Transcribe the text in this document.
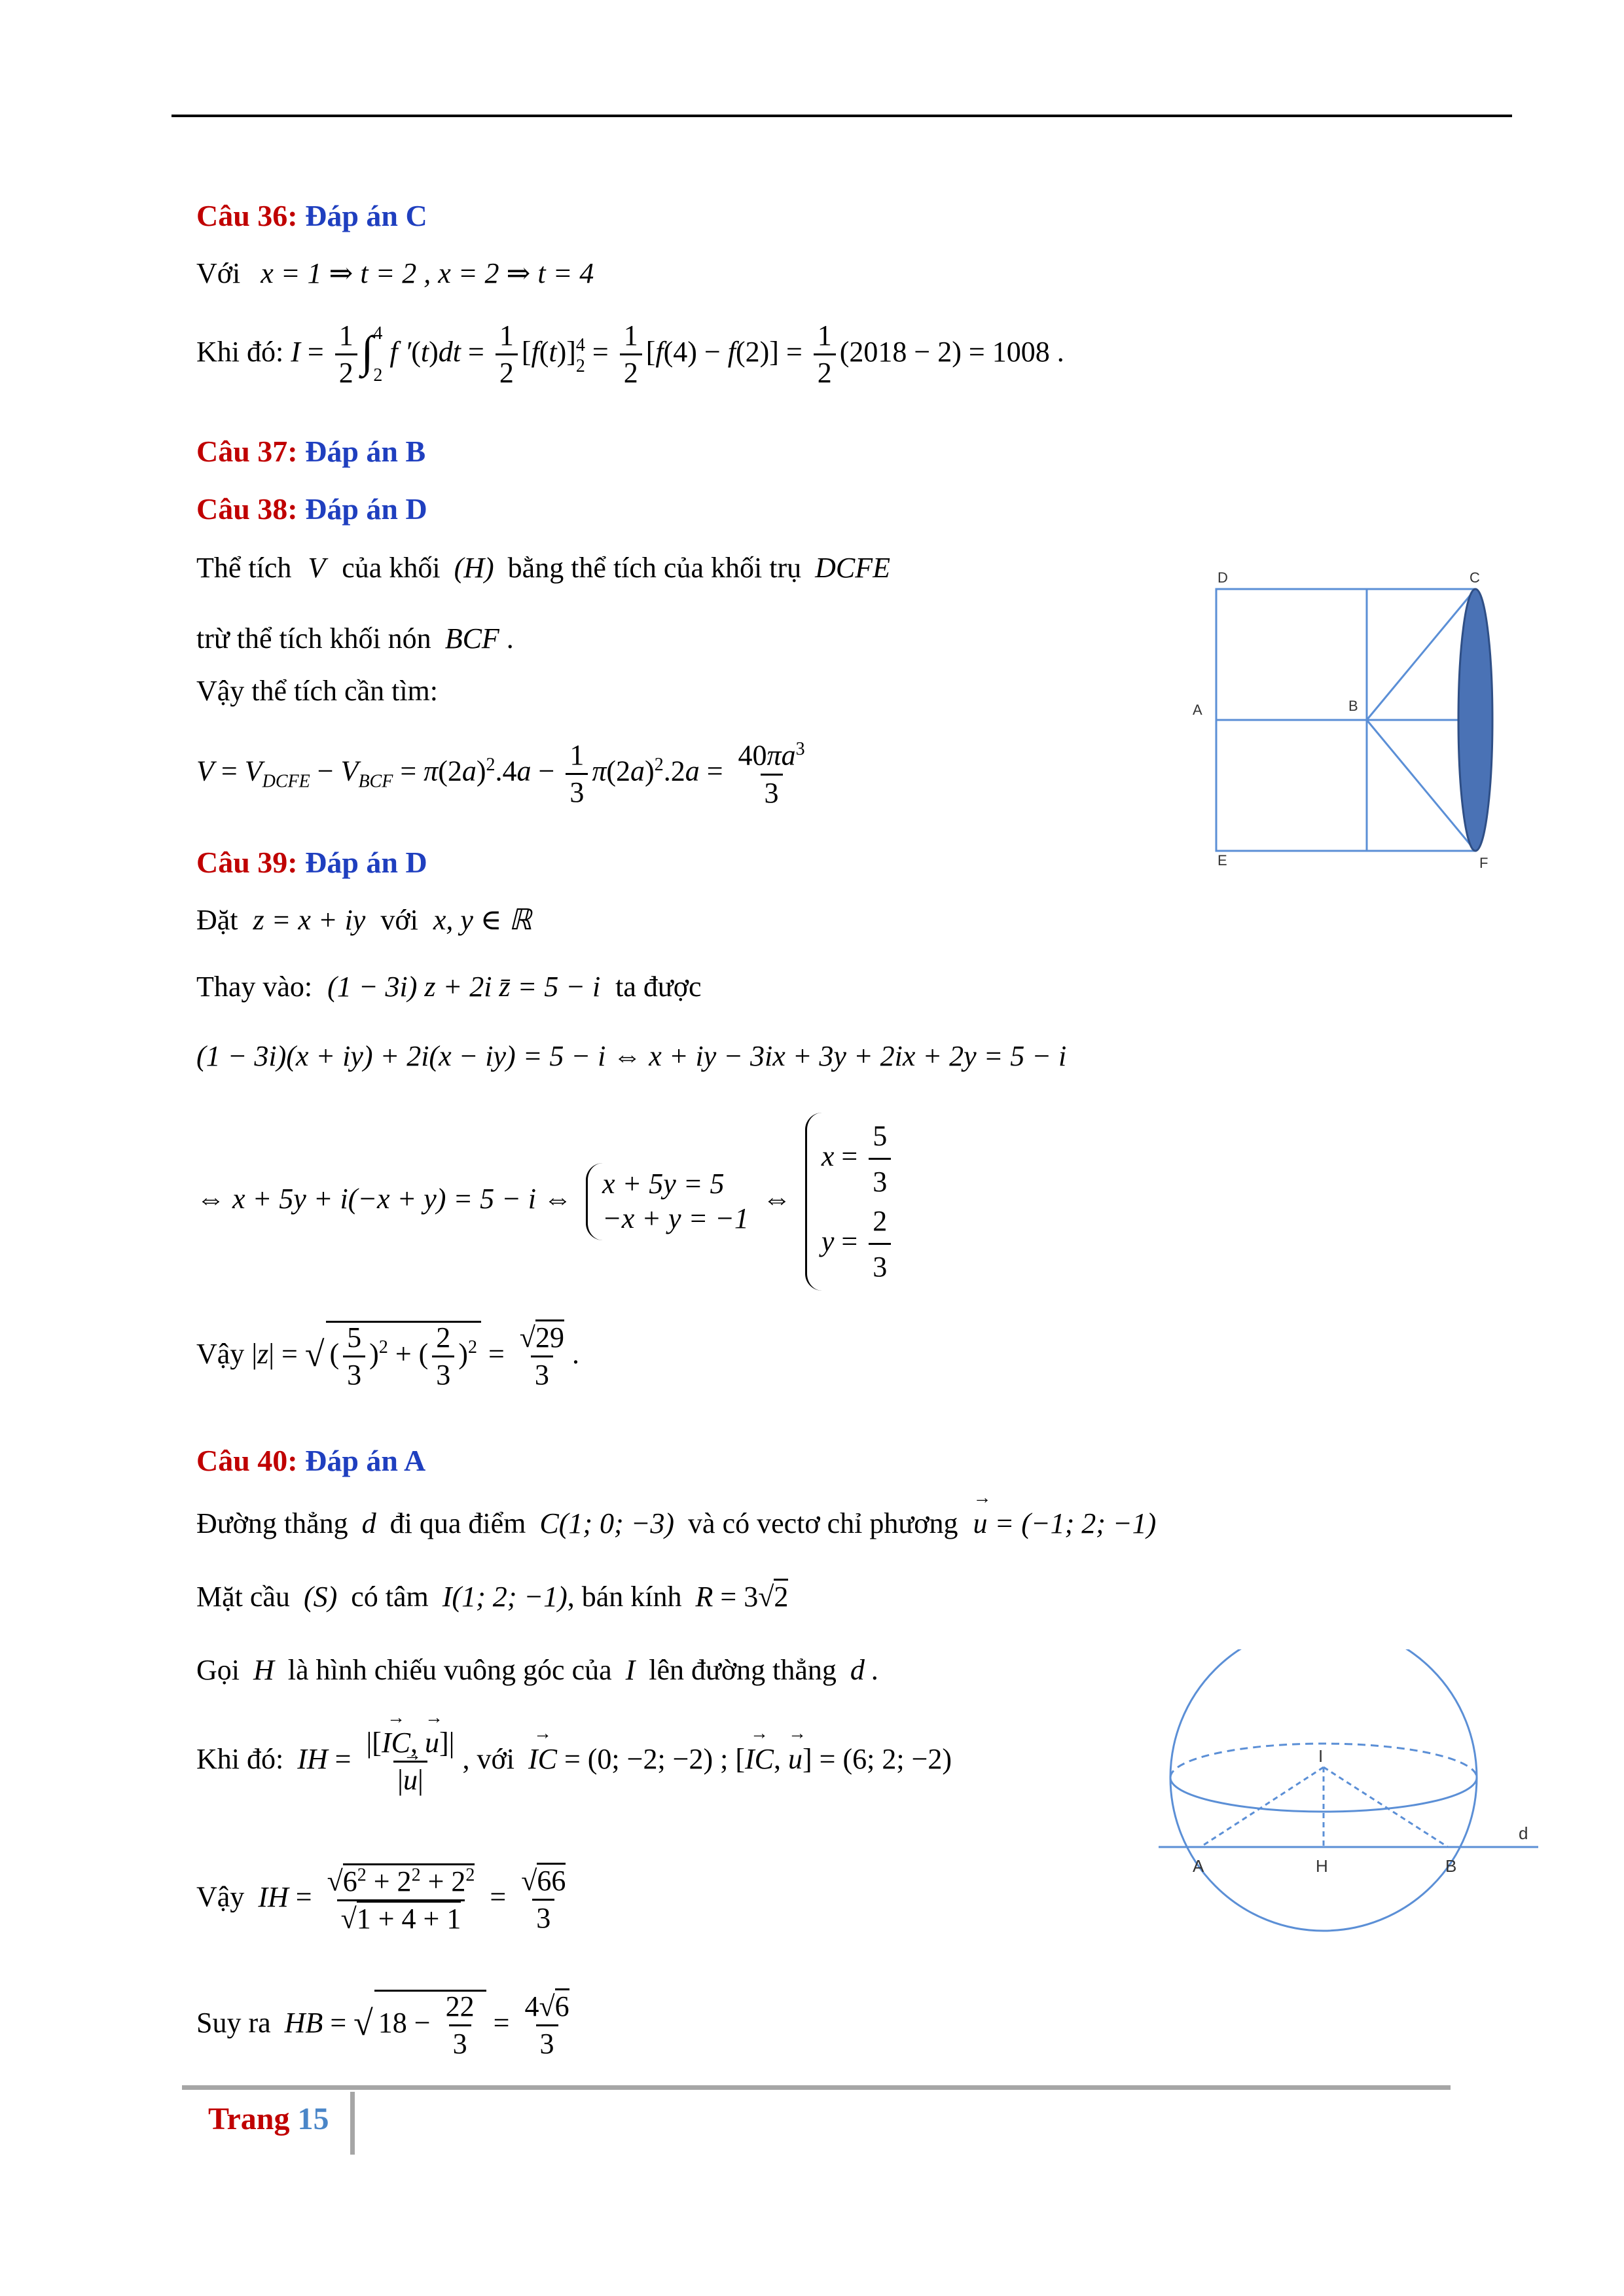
Câu 36: Đáp án C
Với x = 1 ⇒ t = 2 , x = 2 ⇒ t = 4
Khi đó: $I = \frac{1}{2} \int_2^4$ f $'(t)dt = \frac{1}{2} [f(t)]_2^4 = \frac{1}{2} [f(4) - f(2)] = \frac{1}{2} (2018 - 2) = 1008$ .
Câu 37: Đáp án B
Câu 38: Đáp án D
Thể tích V của khối (H) bằng thể tích của khối trụ DCFE
trừ thể tích khối nón BCF .
Vậy thể tích cần tìm:
$V = V_{DCFE} - V_{BCF} = \pi(2a)^2.4a - \frac{1}{3} \pi(2a)^2.2a = \frac{40\pi a^3}{3}$
D	C
A	B
E	F
Câu 39: Đáp án D
Đặt z = x + iy với x, y ∈ ℝ
Thay vào: (1 − 3i) z + 2i z̄ = 5 − i ta được
(1 − 3i)(x + iy) + 2i(x − iy) = 5 − i ⇔ x + iy − 3ix + 3y + 2ix + 2y = 5 − i
⇔ x + 5y + i(−x + y) = 5 − i ⇔ x + 5y = 5
−x + y = −1
⇔
$x = \frac{5}{3}$
$y = \frac{2}{3}$
Vậy |z| = √ ( $\frac{5}{3} )^2$ + ( $\frac{2}{3} )^2 = \frac{√29}{3}$ .
Câu 40: Đáp án A
Đường thẳng d đi qua điểm C(1; 0; −3) và có vectơ chỉ phương → u = (−1; 2; −1)
Mặt cầu (S) có tâm I(1; 2; −1), bán kính R = 3√2
Gọi H là hình chiếu vuông góc của I lên đường thẳng d .
Khi đó: IH = $\frac{|[\to IC, \to u]|}{|\to u|}$ , với → IC = (0; −2; −2) ; [→ IC, → u] = (6; 2; −2)
Vậy IH = $\frac{√6^2 + 2^2 + 2^2}{√1 + 4 + 1} = \frac{√66}{3}$
Suy ra HB = √ $18 - \frac{22}{3} = \frac{4√6}{3}$
I
d
A	H	B
Trang 15
